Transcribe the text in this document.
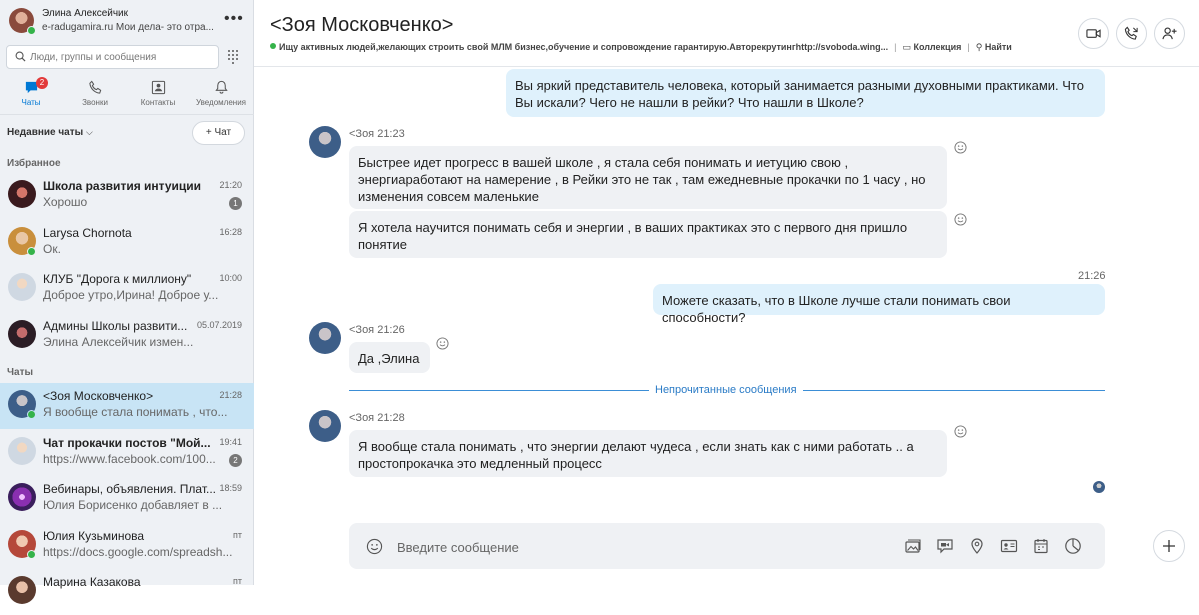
Элина Алексейчик
e-radugamira.ru Мои дела- это отра...
•••
Люди, группы и сообщения
2
Чаты	Звонки	Контакты	Уведомления
Недавние чаты ⌵	+ Чат
Избранное
Школа развития интуиции
Хорошо
21:20
1
Larysa Chornota
Ок.
16:28
КЛУБ "Дорога к миллиону"
Доброе утро,Ирина! Доброе у...
10:00
Админы Школы развити...
Элина Алексейчик измен...
05.07.2019
Чаты
<Зоя Московченко>
Я вообще стала понимать , что...
21:28
Чат прокачки постов "Мой...
https://www.facebook.com/100...
19:41
2
Вебинары, объявления. Плат...
Юлия Борисенко добавляет в ...
18:59
Юлия Кузьминова
https://docs.google.com/spreadsh...
пт
Марина Казакова	пт
<Зоя Московченко>
Ищу активных людей,желающих строить свой МЛМ бизнес,обучение и сопровождение гарантирую.Авторекрутингhttp://svoboda.wing... | ▭ Коллекция | ⚲ Найти
Вы яркий представитель человека, который занимается разными духовными практиками. Что Вы искали? Чего не нашли в рейки? Что нашли в Школе?
<Зоя 21:23
Быстрее идет прогресс в вашей школе , я стала себя понимать и иетуцию свою , энергиаработают на намерение , в Рейки это не так , там ежедневные прокачки по 1 часу , но изменения совсем маленькие
Я хотела научится понимать себя и энергии , в ваших практиках это с первого дня пришло понятие
21:26
Можете сказать, что в Школе лучше стали понимать свои способности?
<Зоя 21:26
Да ,Элина
Непрочитанные сообщения
<Зоя 21:28
Я вообще стала понимать , что энергии делают чудеса , если знать как с ними работать .. а простопрокачка это медленный процесс
Введите сообщение
